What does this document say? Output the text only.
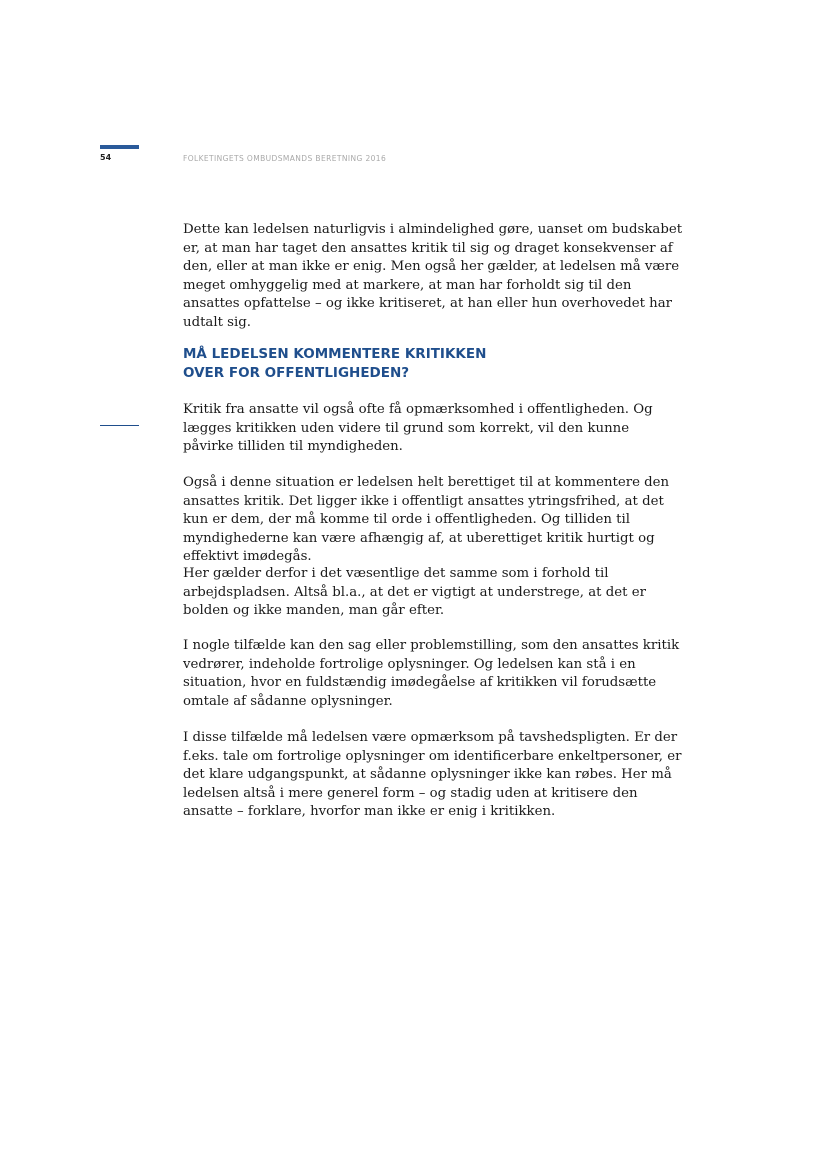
54	FOLKETINGETS OMBUDSMANDS BERETNING 2016

Dette kan ledelsen naturligvis i almindelighed gøre, uanset om budskabet er, at man har taget den ansattes kritik til sig og draget konsekvenser af den, eller at man ikke er enig. Men også her gælder, at ledelsen må være meget omhyggelig med at markere, at man har forholdt sig til den ansattes opfattelse – og ikke kritiseret, at han eller hun overhovedet har udtalt sig.

MÅ LEDELSEN KOMMENTERE KRITIKKEN
OVER FOR OFFENTLIGHEDEN?

Kritik fra ansatte vil også ofte få opmærksomhed i offentligheden. Og lægges kritikken uden videre til grund som korrekt, vil den kunne påvirke tilliden til myndigheden.

Også i denne situation er ledelsen helt berettiget til at kommentere den ansattes kritik. Det ligger ikke i offentligt ansattes ytringsfrihed, at det kun er dem, der må komme til orde i offentligheden. Og tilliden til myndighederne kan være afhængig af, at uberettiget kritik hurtigt og effektivt imødegås.

Her gælder derfor i det væsentlige det samme som i forhold til arbejdspladsen. Altså bl.a., at det er vigtigt at understrege, at det er bolden og ikke manden, man går efter.

I nogle tilfælde kan den sag eller problemstilling, som den ansattes kritik vedrører, indeholde fortrolige oplysninger. Og ledelsen kan stå i en situation, hvor en fuldstændig imødegåelse af kritikken vil forudsætte omtale af sådanne oplysninger.

I disse tilfælde må ledelsen være opmærksom på tavshedspligten. Er der f.eks. tale om fortrolige oplysninger om identificerbare enkeltpersoner, er det klare udgangspunkt, at sådanne oplysninger ikke kan røbes. Her må ledelsen altså i mere generel form – og stadig uden at kritisere den ansatte – forklare, hvorfor man ikke er enig i kritikken.
